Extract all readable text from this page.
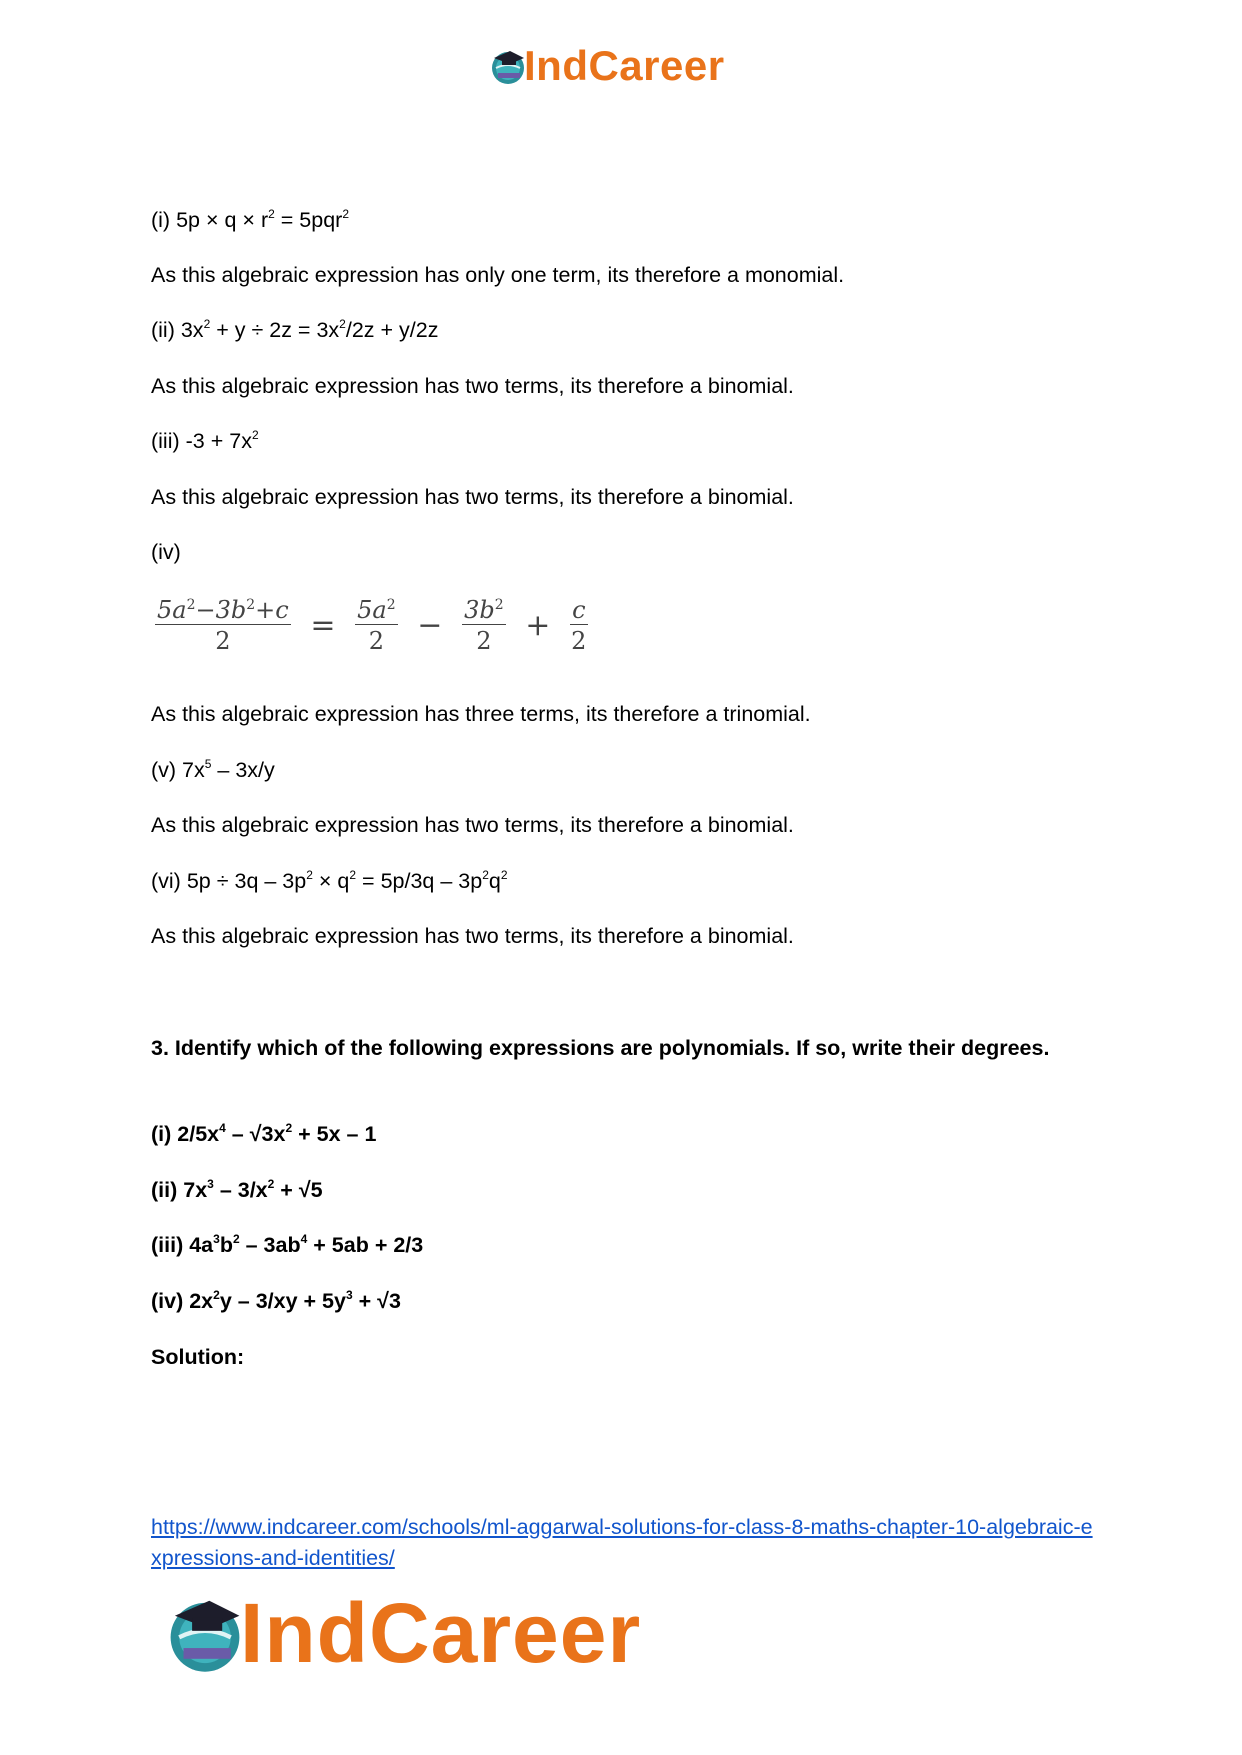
IndCareer
(i) $5p \times q \times r^2 = 5pqr^2$
As this algebraic expression has only one term, its therefore a monomial.
(ii) $3x^2 + y \div 2z = 3x^2/2z + y/2z$
As this algebraic expression has two terms, its therefore a binomial.
(iii) $-3 + 7x^2$
As this algebraic expression has two terms, its therefore a binomial.
(iv)
$\frac{5a^2-3b^2+c}{2} = \frac{5a^2}{2} - \frac{3b^2}{2} + \frac{c}{2}$
As this algebraic expression has three terms, its therefore a trinomial.
(v) $7x^5 - 3x/y$
As this algebraic expression has two terms, its therefore a binomial.
(vi) $5p \div 3q - 3p^2 \times q^2 = 5p/3q - 3p^2q^2$
As this algebraic expression has two terms, its therefore a binomial.
3. Identify which of the following expressions are polynomials. If so, write their degrees.
(i) $2/5x^4 - √3x^2 + 5x - 1$
(ii) $7x^3 - 3/x^2 + √5$
(iii) $4a^3b^2 - 3ab^4 + 5ab + 2/3$
(iv) $2x^2y - 3/xy + 5y^3 + √3$
Solution:
https://www.indcareer.com/schools/ml-aggarwal-solutions-for-class-8-maths-chapter-10-algebraic-expressions-and-identities/
IndCareer
